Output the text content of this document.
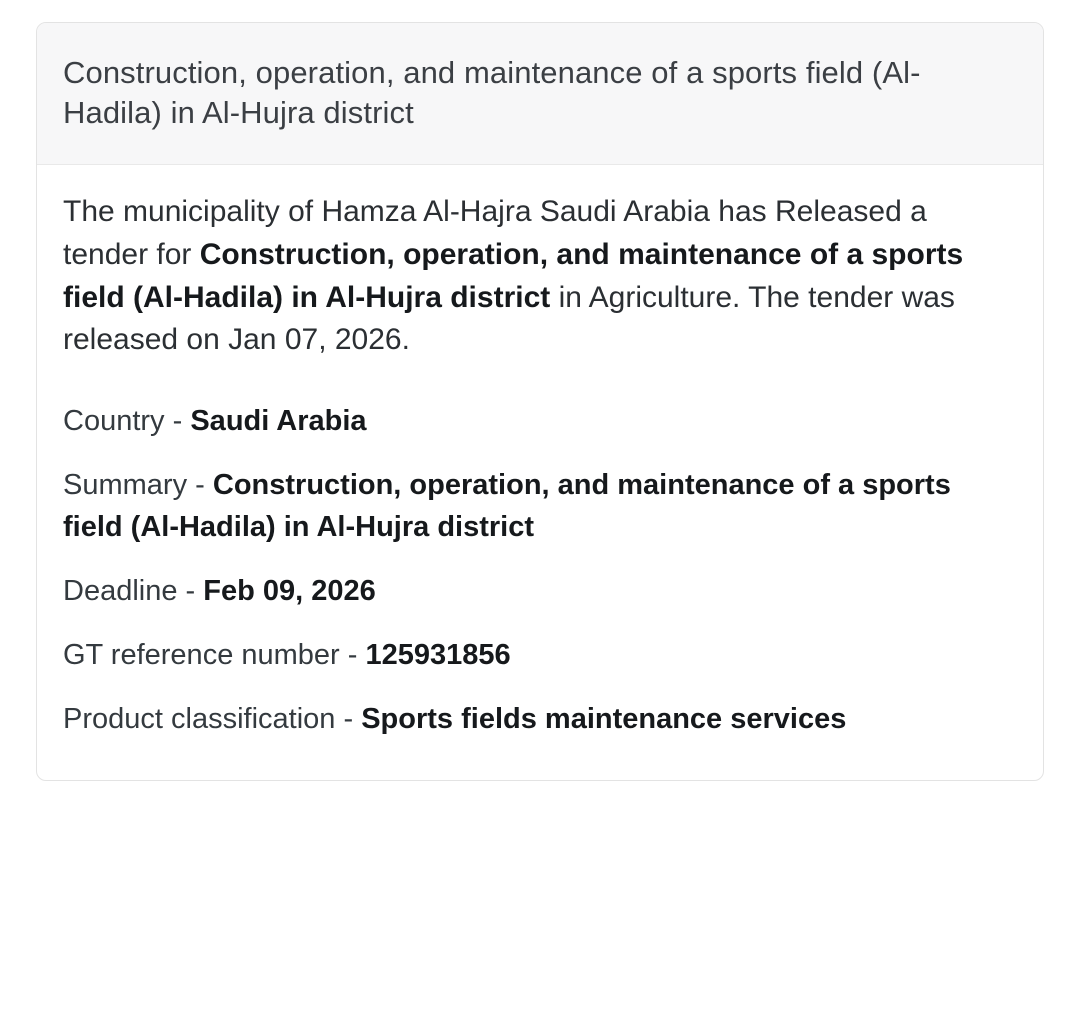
Construction, operation, and maintenance of a sports field (Al-Hadila) in Al-Hujra district

The municipality of Hamza Al-Hajra Saudi Arabia has Released a tender for Construction, operation, and maintenance of a sports field (Al-Hadila) in Al-Hujra district in Agriculture. The tender was released on Jan 07, 2026.

Country - Saudi Arabia
Summary - Construction, operation, and maintenance of a sports field (Al-Hadila) in Al-Hujra district
Deadline - Feb 09, 2026
GT reference number - 125931856
Product classification - Sports fields maintenance services
